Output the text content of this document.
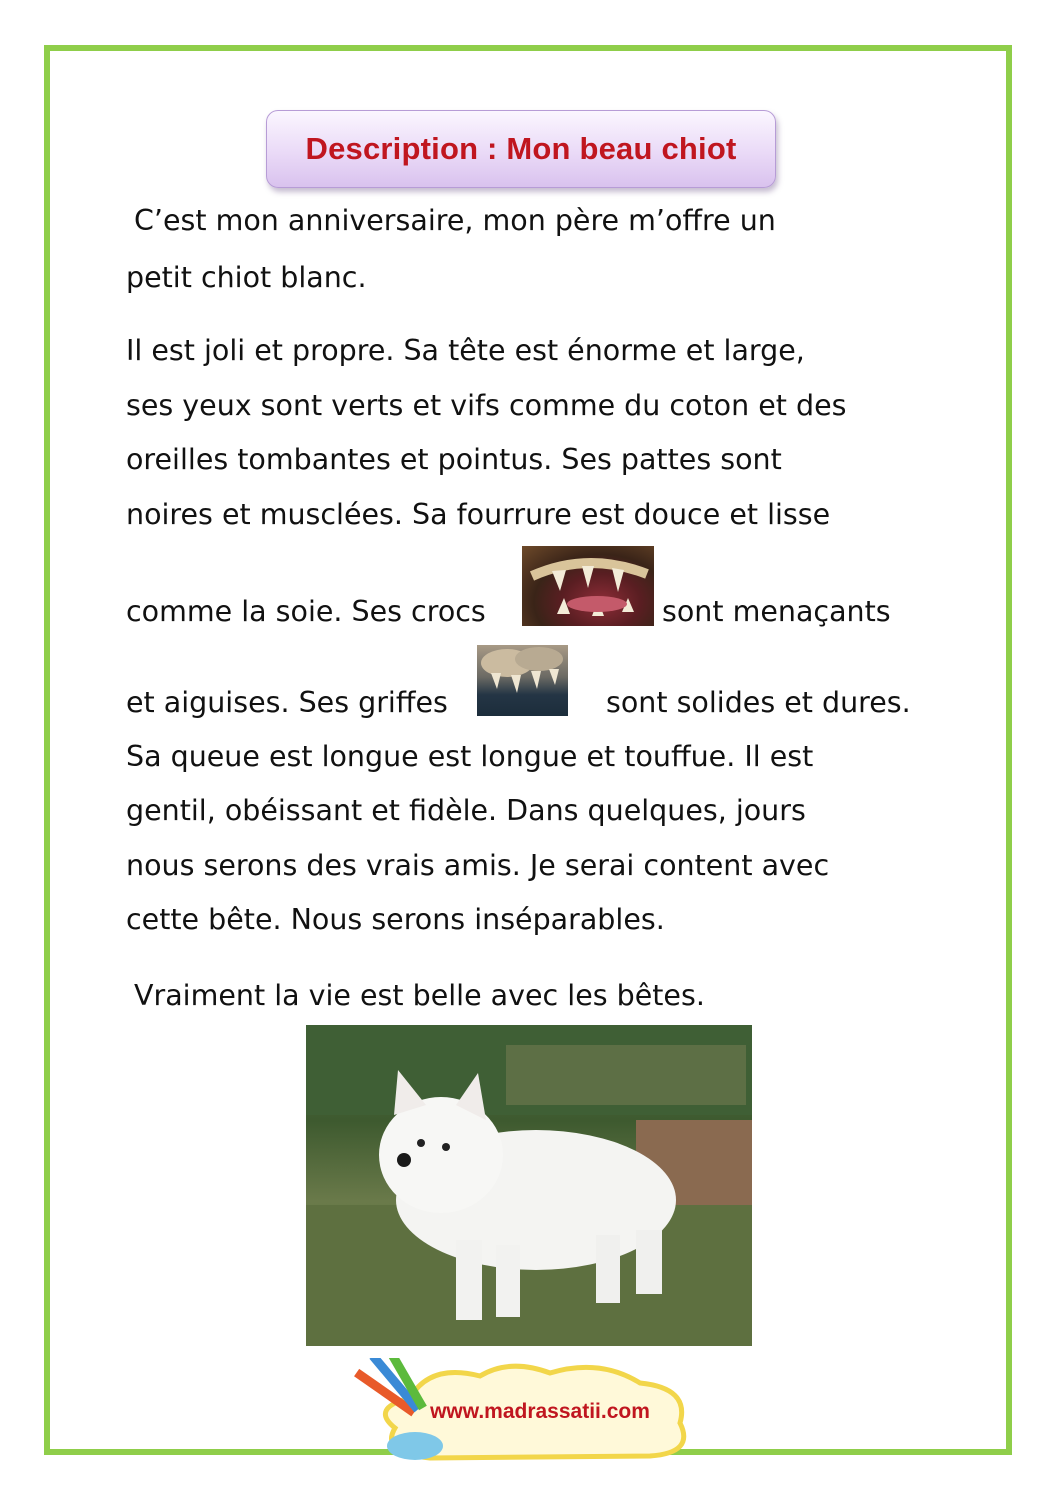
Description : Mon beau chiot
C’est mon anniversaire, mon père m’offre un
petit chiot blanc.
Il est joli et propre. Sa tête est énorme et large,
ses yeux sont verts et vifs comme du coton et des
oreilles tombantes et pointus. Ses pattes sont
noires et musclées. Sa fourrure est douce et lisse
comme la soie. Ses crocs	sont menaçants
et aiguises. Ses griffes	sont solides et dures.
Sa queue est longue est longue et touffue. Il est
gentil, obéissant et fidèle. Dans quelques, jours
nous serons des vrais amis. Je serai content avec
cette bête. Nous serons inséparables.
Vraiment la vie est belle avec les bêtes.
www.madrassatii.com
